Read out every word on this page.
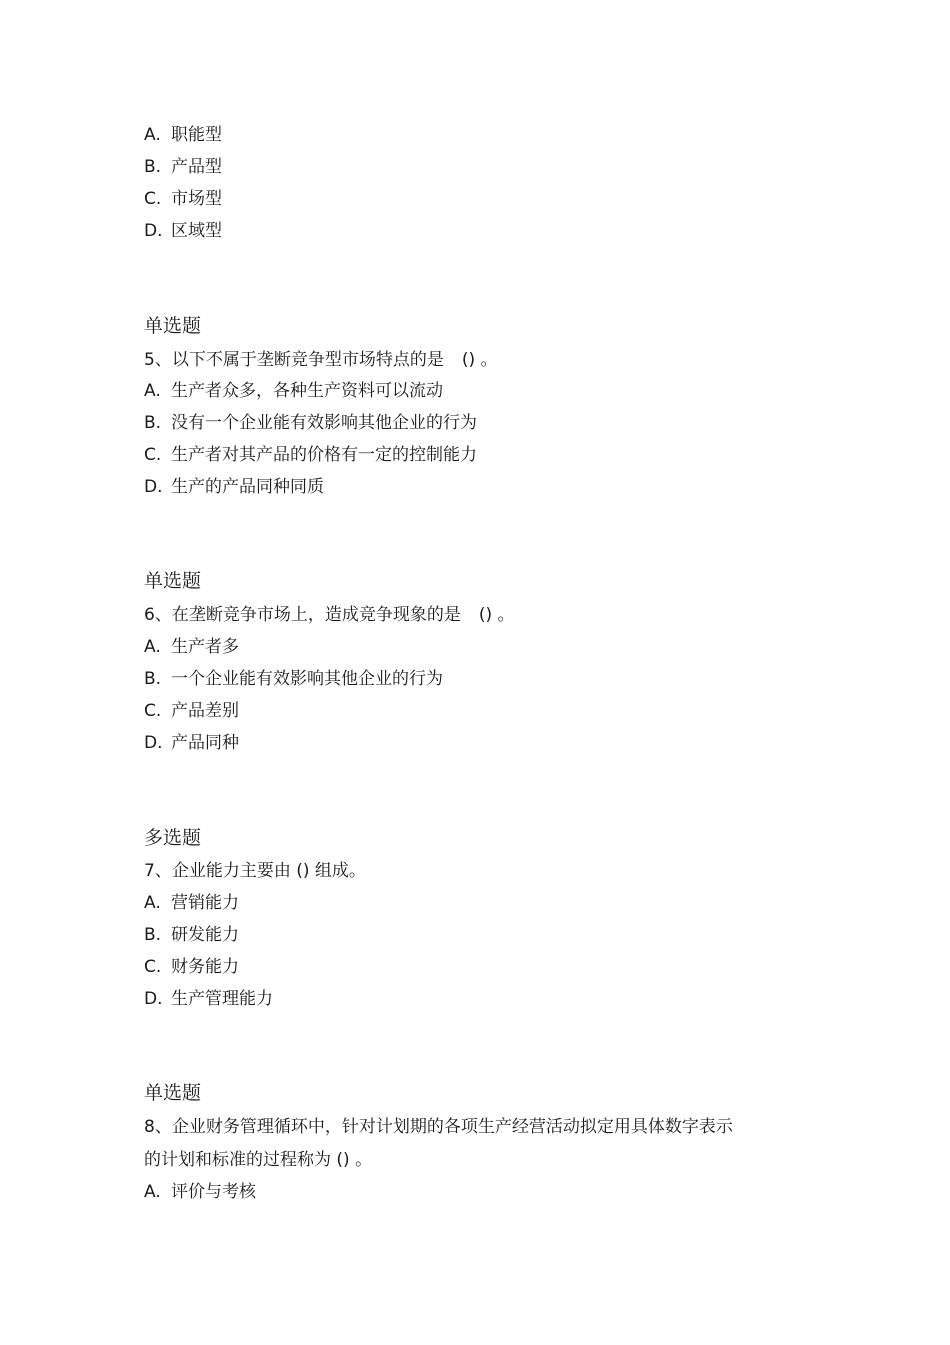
A. 职能型
B. 产品型
C. 市场型
D. 区域型
单选题
5、以下不属于垄断竞争型市场特点的是 () 。
A. 生产者众多，各种生产资料可以流动
B. 没有一个企业能有效影响其他企业的行为
C. 生产者对其产品的价格有一定的控制能力
D. 生产的产品同种同质
单选题
6、在垄断竞争市场上，造成竞争现象的是 () 。
A. 生产者多
B. 一个企业能有效影响其他企业的行为
C. 产品差别
D. 产品同种
多选题
7、企业能力主要由 () 组成。
A. 营销能力
B. 研发能力
C. 财务能力
D. 生产管理能力
单选题
8、企业财务管理循环中，针对计划期的各项生产经营活动拟定用具体数字表示
的计划和标准的过程称为 () 。
A. 评价与考核
